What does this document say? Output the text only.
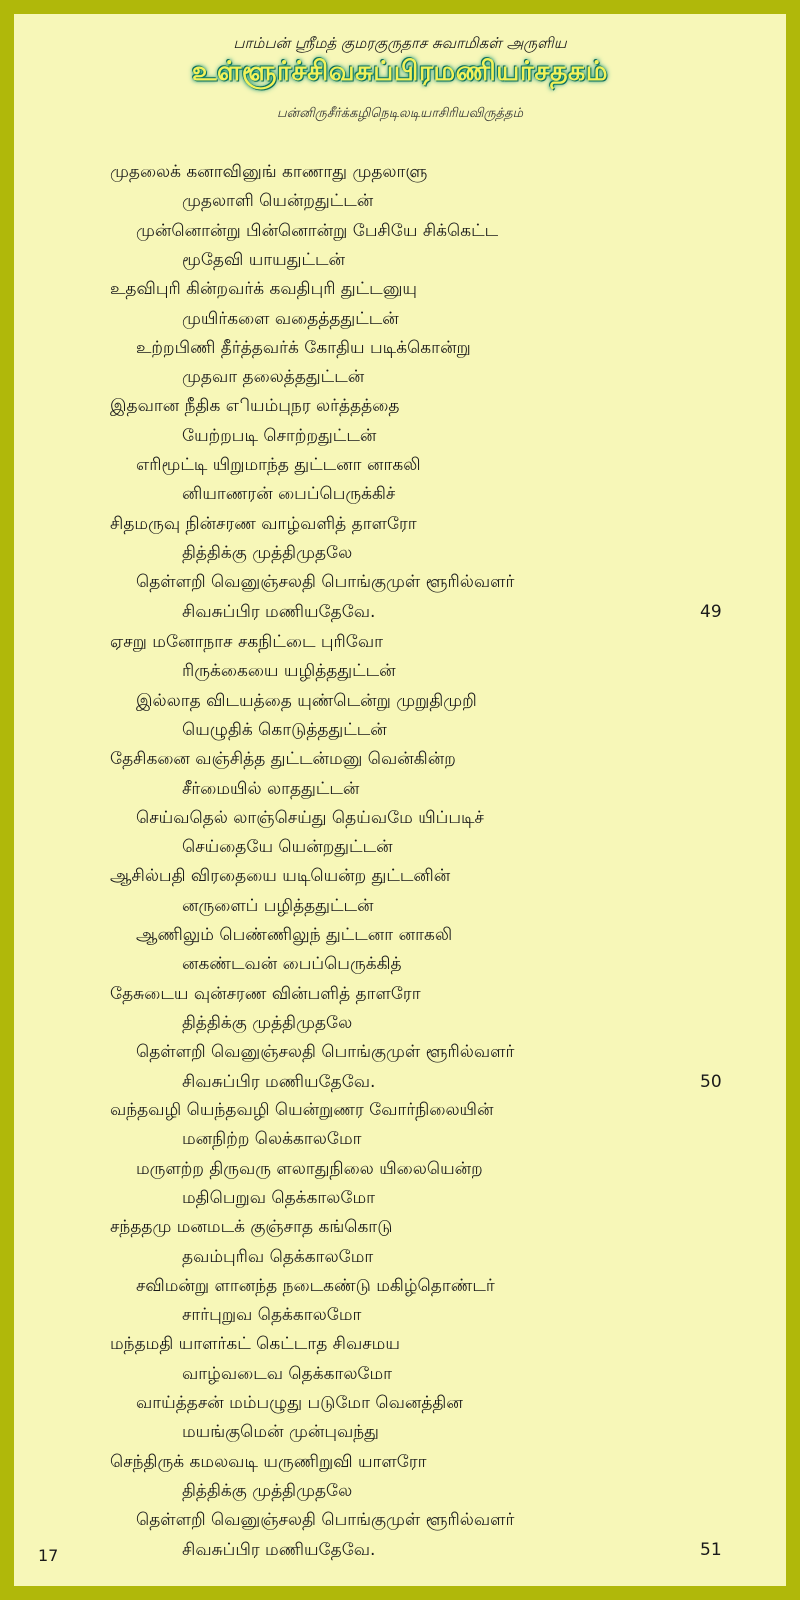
பாம்பன் ஸ்ரீமத் குமரகுருதாச சுவாமிகள் அருளிய
உள்ளூர்ச்சிவசுப்பிரமணியர்சதகம்
பன்னிருசீர்க்கழிநெடிலடியாசிரியவிருத்தம்
முதலைக் கனாவினுங் காணாது முதலாளு
முதலாளி யென்றதுட்டன்
முன்னொன்று பின்னொன்று பேசியே சிக்கெட்ட
மூதேவி யாயதுட்டன்
உதவிபுரி கின்றவர்க் கவதிபுரி துட்டனுயு
முயிர்களை வதைத்ததுட்டன்
உற்றபிணி தீர்த்தவர்க் கோதிய படிக்கொன்று
முதவா தலைத்ததுட்டன்
இதவான நீதிக எியம்புநர லர்த்தத்தை
யேற்றபடி சொற்றதுட்டன்
எரிமூட்டி யிறுமாந்த துட்டனா னாகலி
னியாணரன் பைப்பெருக்கிச்
சிதமருவு நின்சரண வாழ்வளித் தாளரோ
தித்திக்கு முத்திமுதலே
தெள்ளறி வெனுஞ்சலதி பொங்குமுள் ளூரில்வளர்
சிவசுப்பிர மணியதேவே.	49
ஏசறு மனோநாச சகநிட்டை புரிவோ
ரிருக்கையை யழித்ததுட்டன்
இல்லாத விடயத்தை யுண்டென்று முறுதிமுறி
யெழுதிக் கொடுத்ததுட்டன்
தேசிகனை வஞ்சித்த துட்டன்மனு வென்கின்ற
சீர்மையில் லாததுட்டன்
செய்வதெல் லாஞ்செய்து தெய்வமே யிப்படிச்
செய்தையே யென்றதுட்டன்
ஆசில்பதி விரதையை யடியென்ற துட்டனின்
னருளைப் பழித்ததுட்டன்
ஆணிலும் பெண்ணிலுந் துட்டனா னாகலி
னகண்டவன் பைப்பெருக்கித்
தேசுடைய வுன்சரண வின்பளித் தாளரோ
தித்திக்கு முத்திமுதலே
தெள்ளறி வெனுஞ்சலதி பொங்குமுள் ளூரில்வளர்
சிவசுப்பிர மணியதேவே.	50
வந்தவழி யெந்தவழி யென்றுணர வோர்நிலையின்
மனநிற்ற லெக்காலமோ
மருளற்ற திருவரு ளலாதுநிலை யிலையென்ற
மதிபெறுவ தெக்காலமோ
சந்ததமு மனமடக் குஞ்சாத கங்கொடு
தவம்புரிவ தெக்காலமோ
சவிமன்று ளானந்த நடைகண்டு மகிழ்தொண்டர்
சார்புறுவ தெக்காலமோ
மந்தமதி யாளர்கட் கெட்டாத சிவசமய
வாழ்வடைவ தெக்காலமோ
வாய்த்தசன் மம்பழுது படுமோ வெனத்தின
மயங்குமென் முன்புவந்து
செந்திருக் கமலவடி யருணிறுவி யாளரோ
தித்திக்கு முத்திமுதலே
தெள்ளறி வெனுஞ்சலதி பொங்குமுள் ளூரில்வளர்
சிவசுப்பிர மணியதேவே.	51
17
